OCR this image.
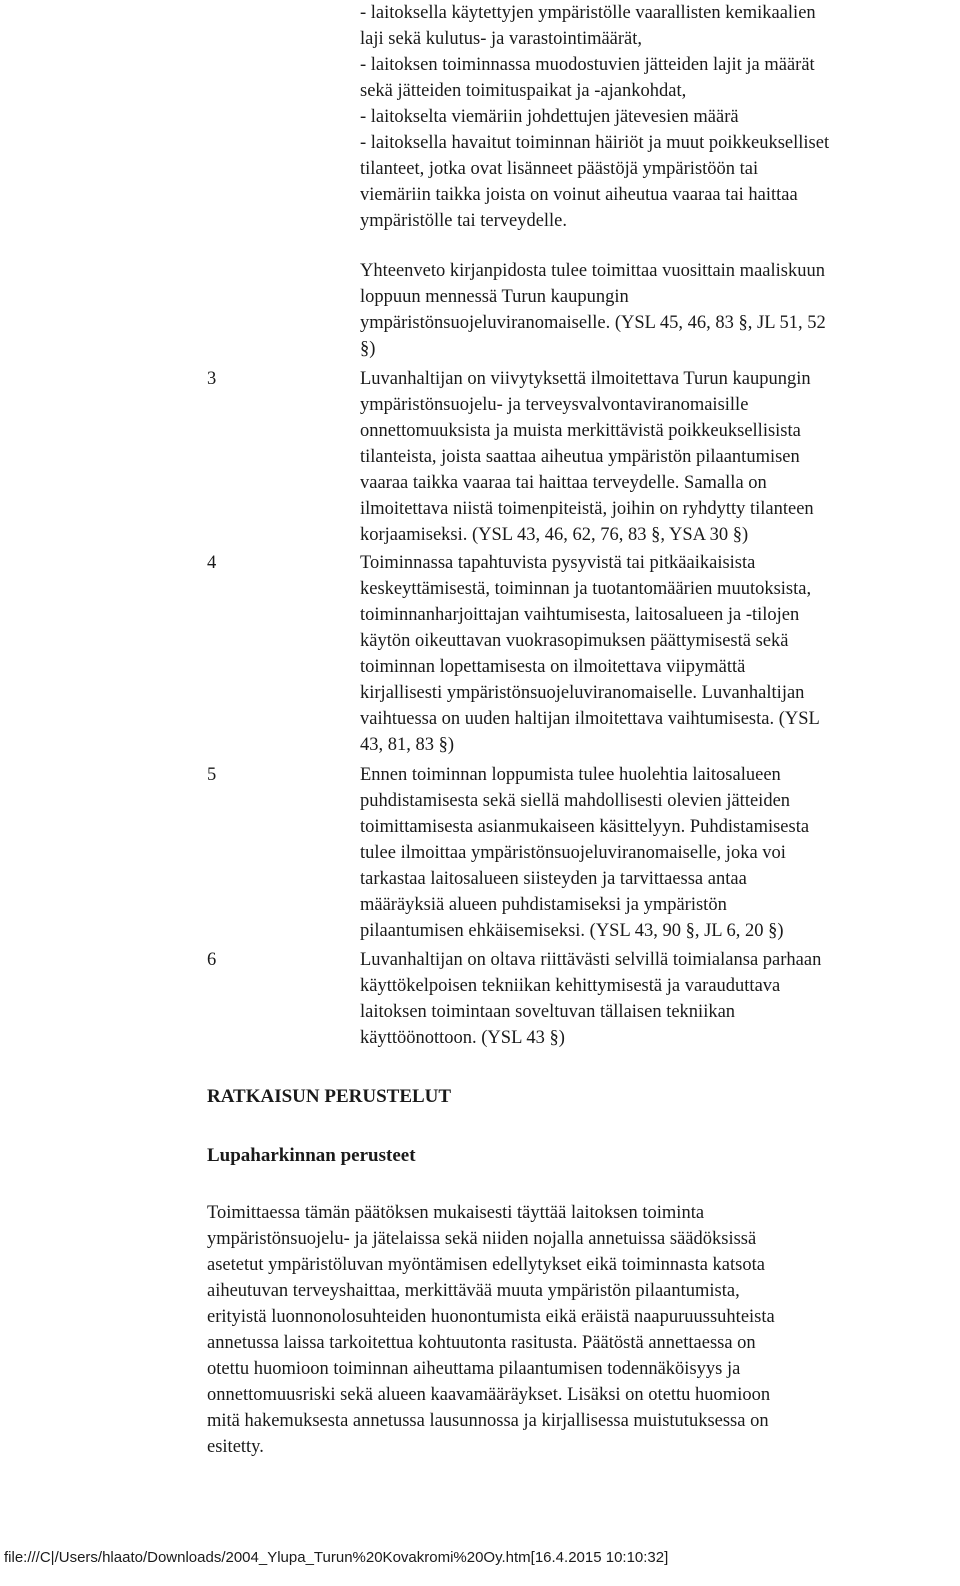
- laitoksella käytettyjen ympäristölle vaarallisten kemikaalien
laji sekä kulutus- ja varastointimäärät,
- laitoksen toiminnassa muodostuvien jätteiden lajit ja määrät
sekä jätteiden toimituspaikat ja -ajankohdat,
- laitokselta viemäriin johdettujen jätevesien määrä
- laitoksella havaitut toiminnan häiriöt ja muut poikkeukselliset
tilanteet, jotka ovat lisänneet päästöjä ympäristöön tai
viemäriin taikka joista on voinut aiheutua vaaraa tai haittaa
ympäristölle tai terveydelle.
Yhteenveto kirjanpidosta tulee toimittaa vuosittain maaliskuun
loppuun mennessä Turun kaupungin
ympäristönsuojeluviranomaiselle. (YSL 45, 46, 83 §, JL 51, 52
§)
3	Luvanhaltijan on viivytyksettä ilmoitettava Turun kaupungin
ympäristönsuojelu- ja terveysvalvontaviranomaisille
onnettomuuksista ja muista merkittävistä poikkeuksellisista
tilanteista, joista saattaa aiheutua ympäristön pilaantumisen
vaaraa taikka vaaraa tai haittaa terveydelle. Samalla on
ilmoitettava niistä toimenpiteistä, joihin on ryhdytty tilanteen
korjaamiseksi. (YSL 43, 46, 62, 76, 83 §, YSA 30 §)
4	Toiminnassa tapahtuvista pysyvistä tai pitkäaikaisista
keskeyttämisestä, toiminnan ja tuotantomäärien muutoksista,
toiminnanharjoittajan vaihtumisesta, laitosalueen ja -tilojen
käytön oikeuttavan vuokrasopimuksen päättymisestä sekä
toiminnan lopettamisesta on ilmoitettava viipymättä
kirjallisesti ympäristönsuojeluviranomaiselle. Luvanhaltijan
vaihtuessa on uuden haltijan ilmoitettava vaihtumisesta. (YSL
43, 81, 83 §)
5	Ennen toiminnan loppumista tulee huolehtia laitosalueen
puhdistamisesta sekä siellä mahdollisesti olevien jätteiden
toimittamisesta asianmukaiseen käsittelyyn. Puhdistamisesta
tulee ilmoittaa ympäristönsuojeluviranomaiselle, joka voi
tarkastaa laitosalueen siisteyden ja tarvittaessa antaa
määräyksiä alueen puhdistamiseksi ja ympäristön
pilaantumisen ehkäisemiseksi. (YSL 43, 90 §, JL 6, 20 §)
6	Luvanhaltijan on oltava riittävästi selvillä toimialansa parhaan
käyttökelpoisen tekniikan kehittymisestä ja varauduttava
laitoksen toimintaan soveltuvan tällaisen tekniikan
käyttöönottoon. (YSL 43 §)
RATKAISUN PERUSTELUT
Lupaharkinnan perusteet
Toimittaessa tämän päätöksen mukaisesti täyttää laitoksen toiminta
ympäristönsuojelu- ja jätelaissa sekä niiden nojalla annetuissa säädöksissä
asetetut ympäristöluvan myöntämisen edellytykset eikä toiminnasta katsota
aiheutuvan terveyshaittaa, merkittävää muuta ympäristön pilaantumista,
erityistä luonnonolosuhteiden huonontumista eikä eräistä naapuruussuhteista
annetussa laissa tarkoitettua kohtuutonta rasitusta. Päätöstä annettaessa on
otettu huomioon toiminnan aiheuttama pilaantumisen todennäköisyys ja
onnettomuusriski sekä alueen kaavamääräykset. Lisäksi on otettu huomioon
mitä hakemuksesta annetussa lausunnossa ja kirjallisessa muistutuksessa on
esitetty.
file:///C|/Users/hlaato/Downloads/2004_Ylupa_Turun%20Kovakromi%20Oy.htm[16.4.2015 10:10:32]
